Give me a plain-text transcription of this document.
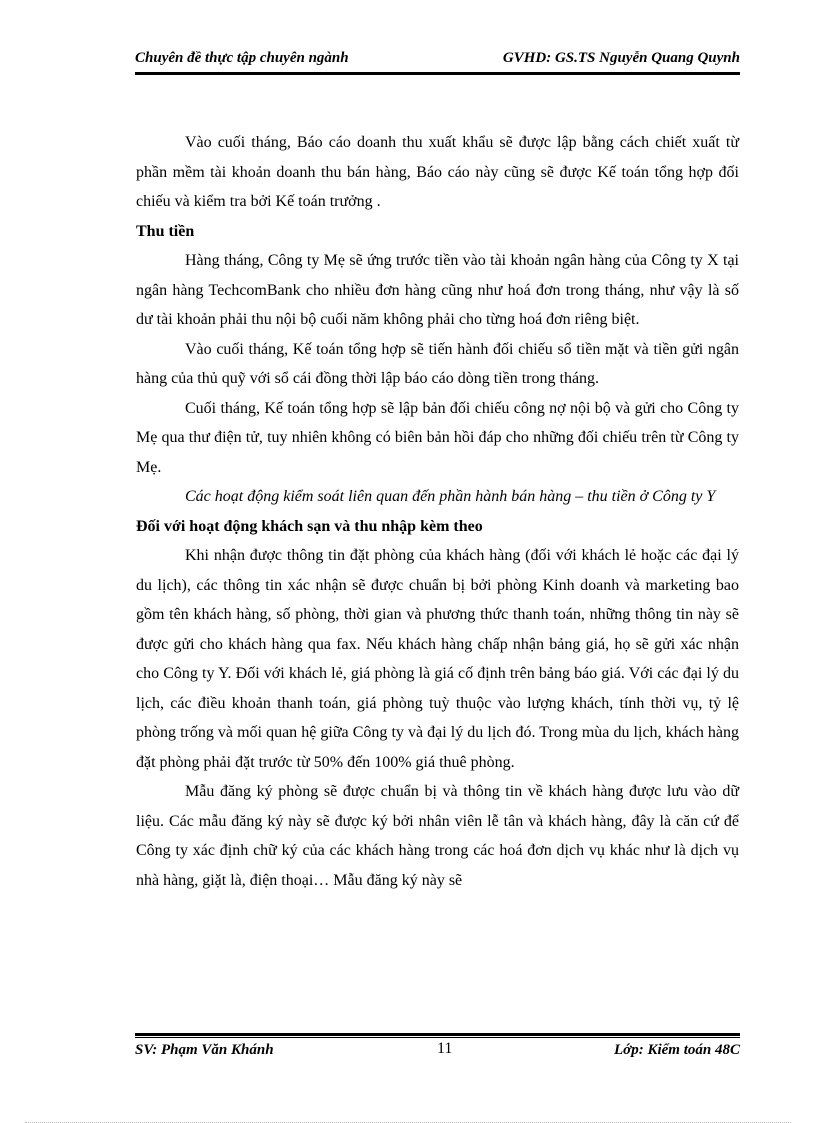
Chuyên đề thực tập chuyên ngành	GVHD: GS.TS Nguyễn Quang Quynh

Vào cuối tháng, Báo cáo doanh thu xuất khẩu sẽ được lập bằng cách chiết xuất từ phần mềm tài khoản doanh thu bán hàng, Báo cáo này cũng sẽ được Kế toán tổng hợp đối chiếu và kiểm tra bởi Kế toán trưởng .

Thu tiền

Hàng tháng, Công ty Mẹ sẽ ứng trước tiền vào tài khoản ngân hàng của Công ty X tại ngân hàng TechcomBank cho nhiều đơn hàng cũng như hoá đơn trong tháng, như vậy là số dư tài khoản phải thu nội bộ cuối năm không phải cho từng hoá đơn riêng biệt.

Vào cuối tháng, Kế toán tổng hợp sẽ tiến hành đối chiếu sổ tiền mặt và tiền gửi ngân hàng của thủ quỹ với sổ cái đồng thời lập báo cáo dòng tiền trong tháng.

Cuối tháng, Kế toán tổng hợp sẽ lập bản đối chiếu công nợ nội bộ và gửi cho Công ty Mẹ qua thư điện tử, tuy nhiên không có biên bản hồi đáp cho những đối chiếu trên từ Công ty Mẹ.

Các hoạt động kiểm soát liên quan đến phần hành bán hàng – thu tiền ở Công ty Y

Đối với hoạt động khách sạn và thu nhập kèm theo

Khi nhận được thông tin đặt phòng của khách hàng (đối với khách lẻ hoặc các đại lý du lịch), các thông tin xác nhận sẽ được chuẩn bị bởi phòng Kinh doanh và marketing bao gồm tên khách hàng, số phòng, thời gian và phương thức thanh toán, những thông tin này sẽ được gửi cho khách hàng qua fax. Nếu khách hàng chấp nhận bảng giá, họ sẽ gửi xác nhận cho Công ty Y. Đối với khách lẻ, giá phòng là giá cố định trên bảng báo giá. Với các đại lý du lịch, các điều khoản thanh toán, giá phòng tuỳ thuộc vào lượng khách, tính thời vụ, tỷ lệ phòng trống và mối quan hệ giữa Công ty và đại lý du lịch đó. Trong mùa du lịch, khách hàng đặt phòng phải đặt trước từ 50% đến 100% giá thuê phòng.

Mẫu đăng ký phòng sẽ được chuẩn bị và thông tin về khách hàng được lưu vào dữ liệu. Các mẫu đăng ký này sẽ được ký bởi nhân viên lễ tân và khách hàng, đây là căn cứ để Công ty xác định chữ ký của các khách hàng trong các hoá đơn dịch vụ khác như là dịch vụ nhà hàng, giặt là, điện thoại… Mẫu đăng ký này sẽ

SV: Phạm Văn Khánh	11	Lớp: Kiểm toán 48C
